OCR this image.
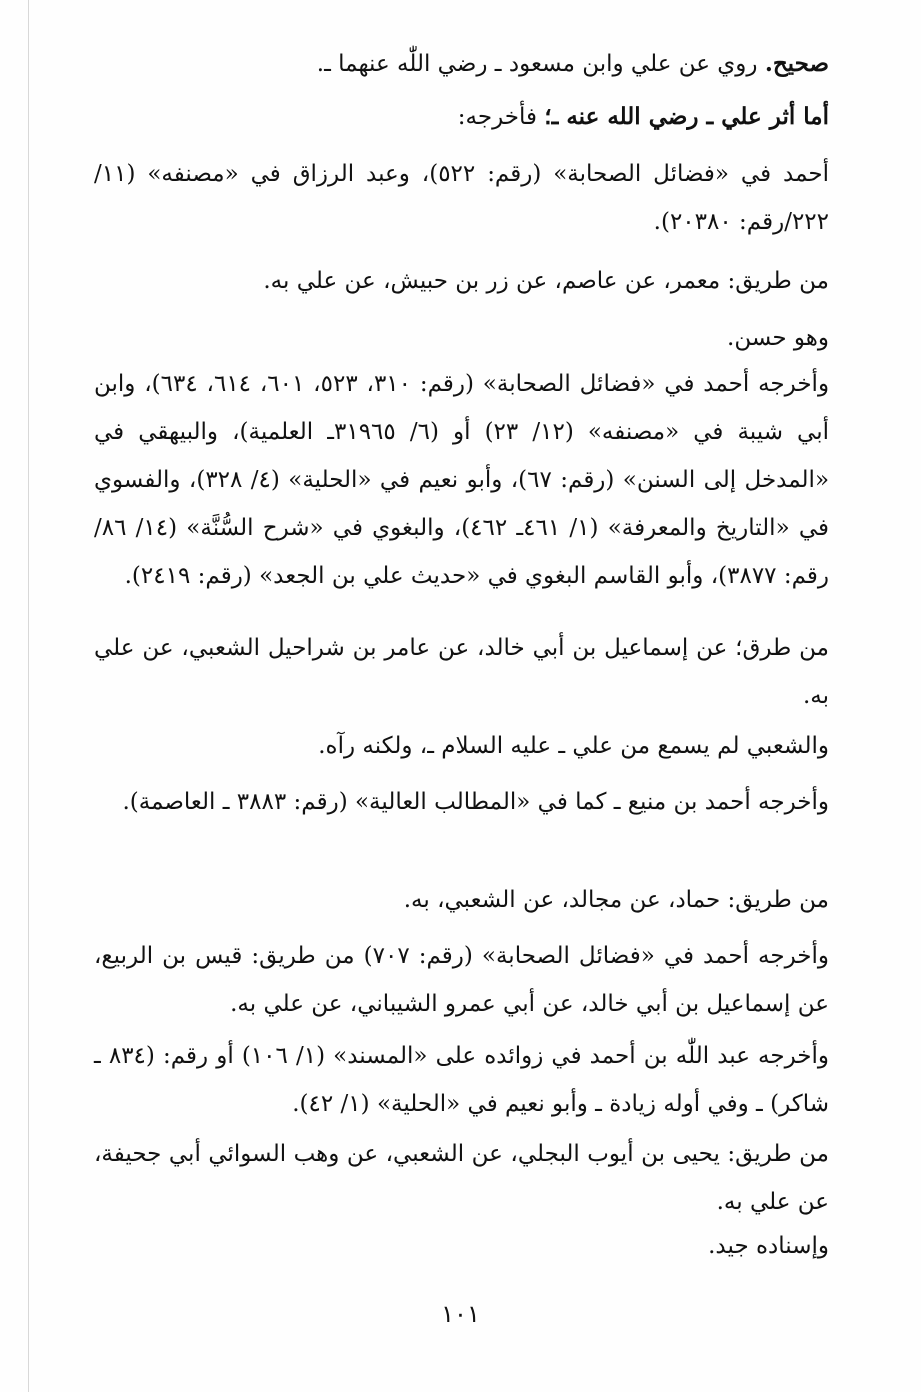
صحيح. روي عن علي وابن مسعود ـ رضي اللّٰه عنهما ـ.

أما أثر علي ـ رضي الله عنه ـ؛ فأخرجه:

أحمد في «فضائل الصحابة» (رقم: ٥٢٢)، وعبد الرزاق في «مصنفه» (١١/ ٢٢٢/رقم: ٢٠٣٨٠).

من طريق: معمر، عن عاصم، عن زر بن حبيش، عن علي به.

وهو حسن.

وأخرجه أحمد في «فضائل الصحابة» (رقم: ٣١٠، ٥٢٣، ٦٠١، ٦١٤، ٦٣٤)، وابن أبي شيبة في «مصنفه» (١٢/ ٢٣) أو (٦/ ٣١٩٦٥ـ العلمية)، والبيهقي في «المدخل إلى السنن» (رقم: ٦٧)، وأبو نعيم في «الحلية» (٤/ ٣٢٨)، والفسوي في «التاريخ والمعرفة» (١/ ٤٦١ـ ٤٦٢)، والبغوي في «شرح السُّنَّة» (١٤/ ٨٦/رقم: ٣٨٧٧)، وأبو القاسم البغوي في «حديث علي بن الجعد» (رقم: ٢٤١٩).

من طرق؛ عن إسماعيل بن أبي خالد، عن عامر بن شراحيل الشعبي، عن علي به.

والشعبي لم يسمع من علي ـ عليه السلام ـ، ولكنه رآه.

وأخرجه أحمد بن منيع ـ كما في «المطالب العالية» (رقم: ٣٨٨٣ ـ العاصمة).

من طريق: حماد، عن مجالد، عن الشعبي، به.

وأخرجه أحمد في «فضائل الصحابة» (رقم: ٧٠٧) من طريق: قيس بن الربيع، عن إسماعيل بن أبي خالد، عن أبي عمرو الشيباني، عن علي به.

وأخرجه عبد اللّٰه بن أحمد في زوائده على «المسند» (١/ ١٠٦) أو رقم: (٨٣٤ ـ شاكر) ـ وفي أوله زيادة ـ وأبو نعيم في «الحلية» (١/ ٤٢).

من طريق: يحيى بن أيوب البجلي، عن الشعبي، عن وهب السوائي أبي جحيفة، عن علي به.

وإسناده جيد.

١٠١
